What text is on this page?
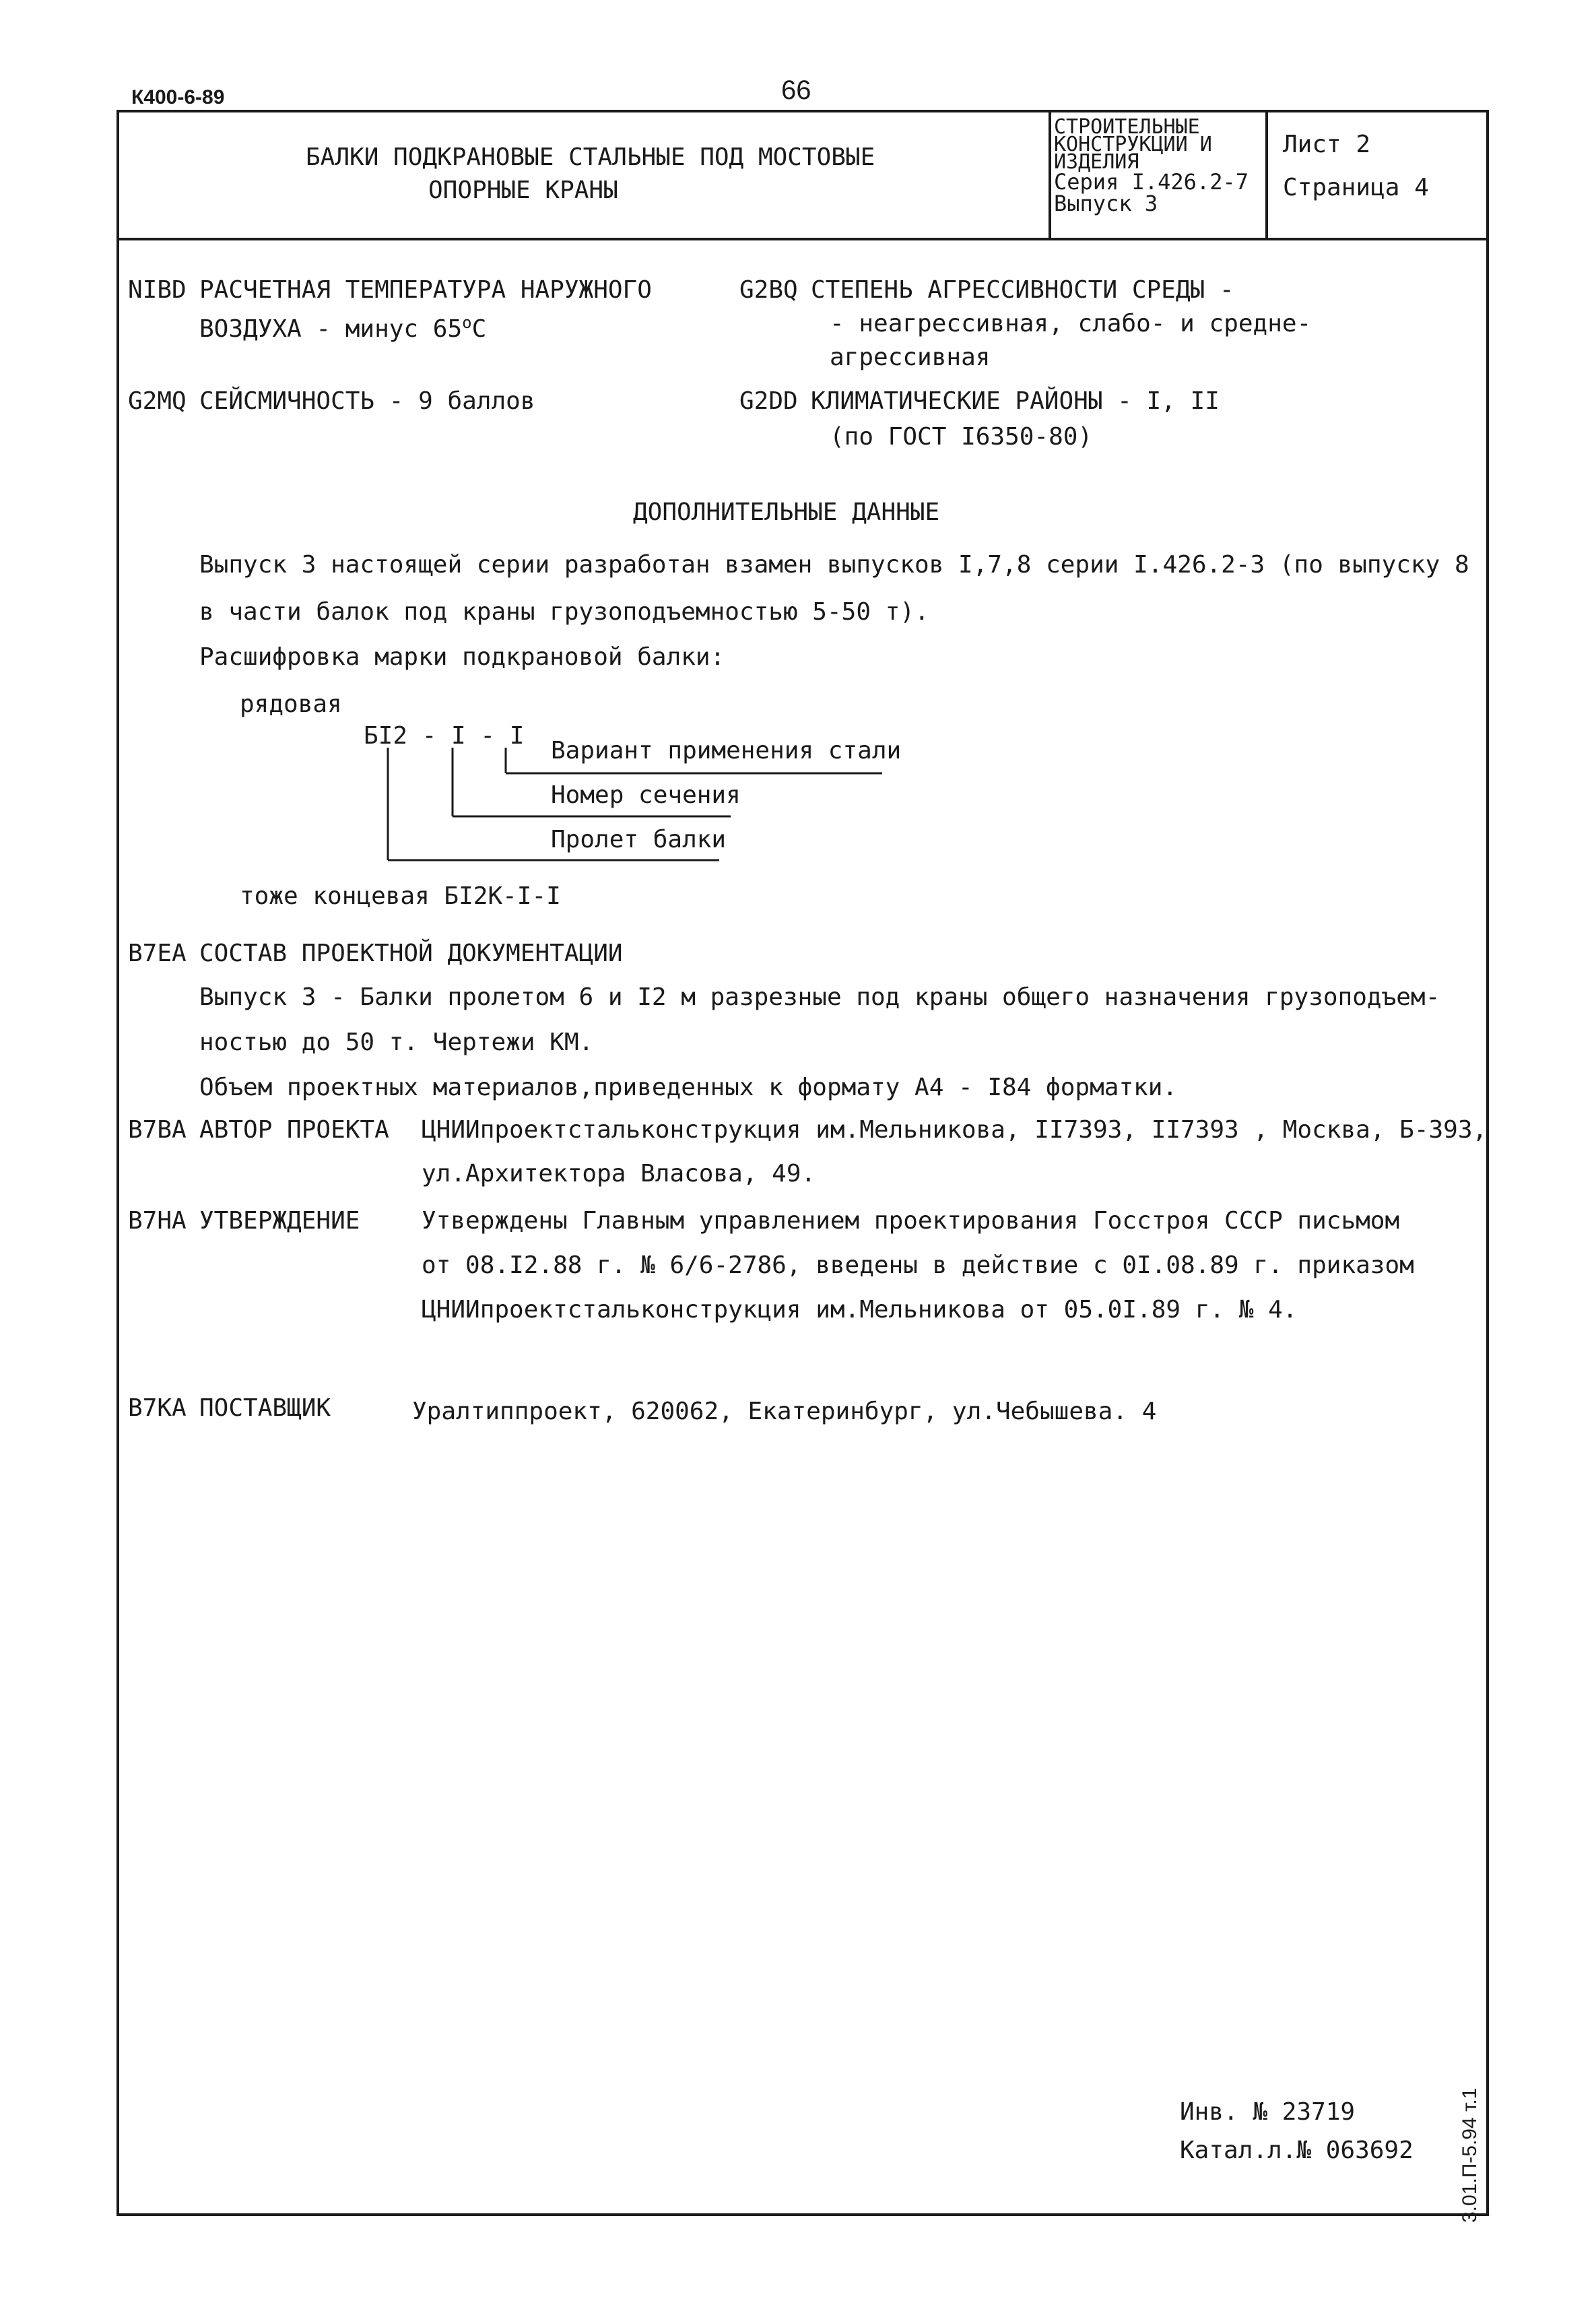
К400-6-89	66
БАЛКИ ПОДКРАНОВЫЕ СТАЛЬНЫЕ ПОД МОСТОВЫЕ
ОПОРНЫЕ КРАНЫ
СТРОИТЕЛЬНЫЕ
КОНСТРУКЦИИ И
ИЗДЕЛИЯ
Серия I.426.2-7
Выпуск 3
Лист 2
Страница 4
NIBD РАСЧЕТНАЯ ТЕМПЕРАТУРА НАРУЖНОГО
ВОЗДУХА - минус $65^оС$
G2MQ СЕЙСМИЧНОСТЬ - 9 баллов
G2BQ СТЕПЕНЬ АГРЕССИВНОСТИ СРЕДЫ -
- неагрессивная, слабо- и средне-
агрессивная
G2DD КЛИМАТИЧЕСКИЕ РАЙОНЫ - I, II
(по ГОСТ I6350-80)
ДОПОЛНИТЕЛЬНЫЕ ДАННЫЕ
Выпуск 3 настоящей серии разработан взамен выпусков I,7,8 серии I.426.2-3 (по выпуску 8
в части балок под краны грузоподъемностью 5-50 т).
Расшифровка марки подкрановой балки:
рядовая
БI2 - I - I
Вариант применения стали
Номер сечения
Пролет балки
тоже концевая БI2К-I-I
B7EA СОСТАВ ПРОЕКТНОЙ ДОКУМЕНТАЦИИ
Выпуск 3 - Балки пролетом 6 и I2 м разрезные под краны общего назначения грузоподъем-
ностью до 50 т. Чертежи КМ.
Объем проектных материалов,приведенных к формату А4 - I84 форматки.
B7BA АВТОР ПРОЕКТА ЦНИИпроектстальконструкция им.Мельникова, II7393, II7393 , Москва, Б-393,
ул.Архитектора Власова, 49.
B7HA УТВЕРЖДЕНИЕ	Утверждены Главным управлением проектирования Госстроя СССР письмом
от 08.I2.88 г. № 6/6-2786, введены в действие с 0I.08.89 г. приказом
ЦНИИпроектстальконструкция им.Мельникова от 05.0I.89 г. № 4.
B7KA ПОСТАВЩИК	Уралтиппроект, 620062, Екатеринбург, ул.Чебышева. 4
Инв. № 23719
Катал.л.№ 063692 3.01.П-5.94 т.1
